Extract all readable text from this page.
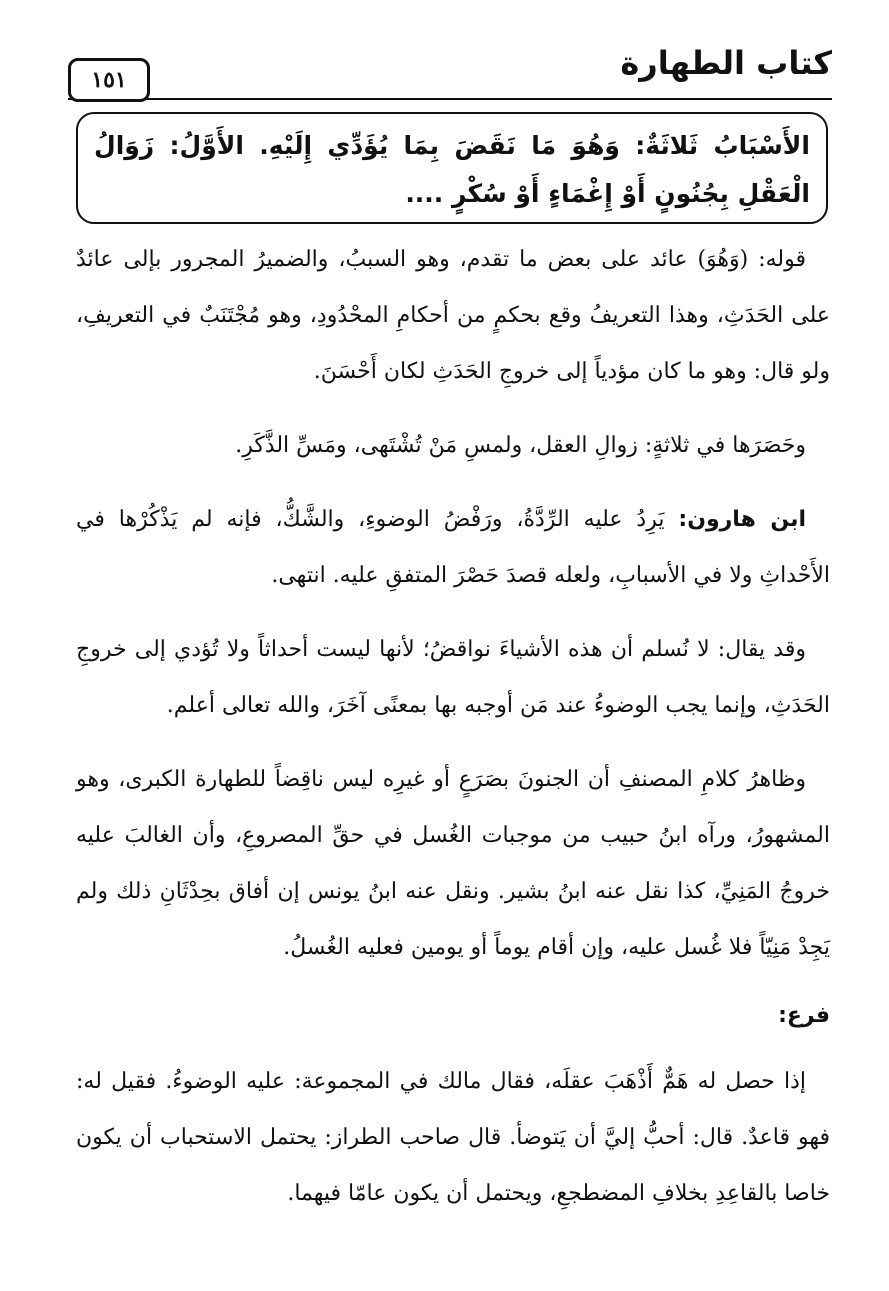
١٥١	كتاب الطهارة
الأَسْبَابُ ثَلاثَةٌ: وَهُوَ مَا نَقَضَ بِمَا يُؤَدِّي إِلَيْهِ. الأَوَّلُ: زَوَالُ الْعَقْلِ بِجُنُونٍ أَوْ إِغْمَاءٍ أَوْ سُكْرٍ ....

قوله: (وَهُوَ) عائد على بعض ما تقدم، وهو السببُ، والضميرُ المجرور بإلى عائدٌ على الحَدَثِ، وهذا التعريفُ وقع بحكمٍ من أحكامِ المحْدُودِ، وهو مُجْتَنَبٌ في التعريفِ، ولو قال: وهو ما كان مؤدياً إلى خروجِ الحَدَثِ لكان أَحْسَنَ.

وحَصَرَها في ثلاثةٍ: زوالِ العقل، ولمسِ مَنْ تُشْتَهى، ومَسِّ الذَّكَرِ.

ابن هارون: يَرِدُ عليه الرِّدَّةُ، ورَفْضُ الوضوءِ، والشَّكُّ، فإنه لم يَذْكُرْها في الأَحْداثِ ولا في الأسبابِ، ولعله قصدَ حَصْرَ المتفقِ عليه. انتهى.

وقد يقال: لا نُسلم أن هذه الأشياءَ نواقضُ؛ لأنها ليست أحداثاً ولا تُؤدي إلى خروجِ الحَدَثِ، وإنما يجب الوضوءُ عند مَن أوجبه بها بمعنًى آخَرَ، والله تعالى أعلم.

وظاهرُ كلامِ المصنفِ أن الجنونَ بصَرَعٍ أو غيرِه ليس ناقِضاً للطهارة الكبرى، وهو المشهورُ، ورآه ابنُ حبيب من موجبات الغُسل في حقِّ المصروعِ، وأن الغالبَ عليه خروجُ المَنِيِّ، كذا نقل عنه ابنُ بشير. ونقل عنه ابنُ يونس إن أفاق بحِدْثَانِ ذلك ولم يَجِدْ مَنِيّاً فلا غُسل عليه، وإن أقام يوماً أو يومين فعليه الغُسلُ.

فرع:

إذا حصل له هَمٌّ أَذْهَبَ عقلَه، فقال مالك في المجموعة: عليه الوضوءُ. فقيل له: فهو قاعدٌ. قال: أحبُّ إليَّ أن يَتوضأ. قال صاحب الطراز: يحتمل الاستحباب أن يكون خاصا بالقاعِدِ بخلافِ المضطجعِ، ويحتمل أن يكون عامّا فيهما.
